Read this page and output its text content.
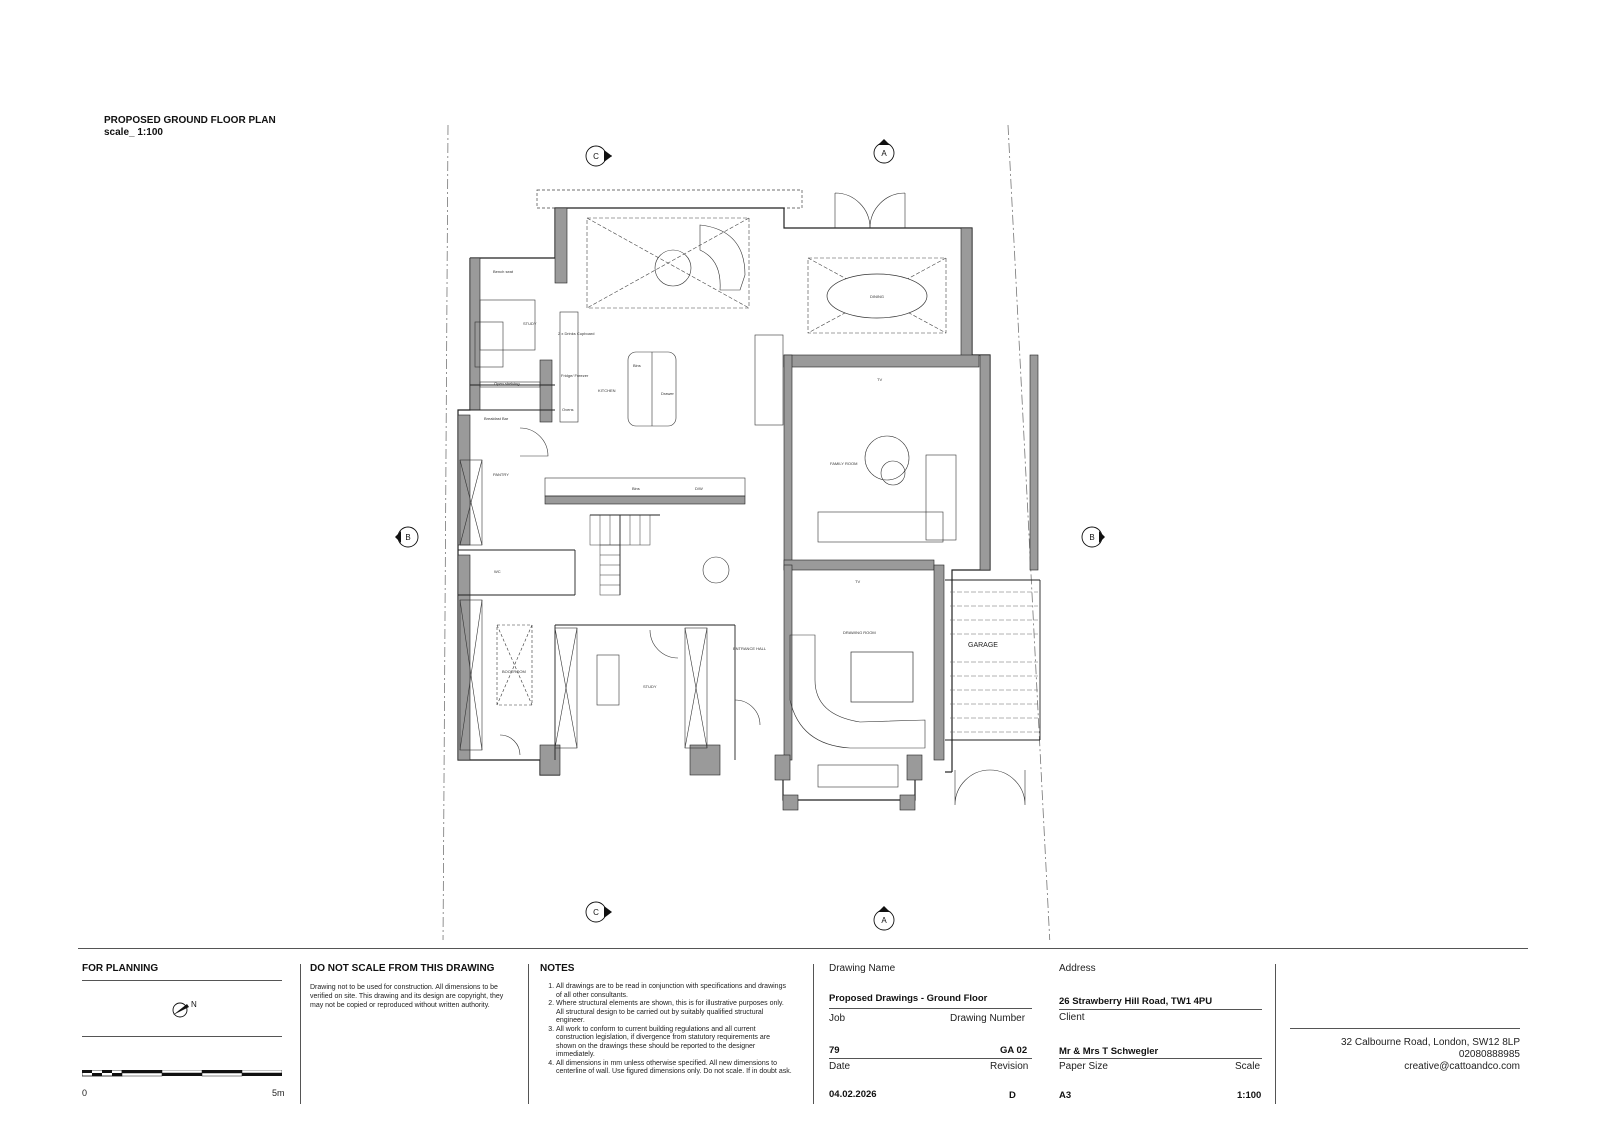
PROPOSED GROUND FLOOR PLAN
scale_ 1:100
C	A
B	B
C
A
STUDY
KITCHEN
PANTRY
FAMILY ROOM
DRAWING ROOM
ENTRANCE HALL
STUDY
BOOTROOM
WC
GARAGE
DINING
Breakfast Bar
Bench seat
Open shelving
Fridge/ Freezer
Ovens
Bins
Drawer
TV
TV
2 x Drinks Cupboard
D/W
Bins
FOR PLANNING
N
0	5m
DO NOT SCALE FROM THIS DRAWING
Drawing not to be used for construction. All dimensions to be verified on site. This drawing and its design are copyright, they may not be copied or reproduced without written authority.
NOTES
1. All drawings are to be read in conjunction with specifications and drawings of all other consultants.
2. Where structural elements are shown, this is for illustrative purposes only. All structural design to be carried out by suitably qualified structural engineer.
3. All work to conform to current building regulations and all current construction legislation, if divergence from statutory requirements are shown on the drawings these should be reported to the designer immediately.
4. All dimensions in mm unless otherwise specified. All new dimensions to centerline of wall. Use figured dimensions only. Do not scale. If in doubt ask.
Drawing Name
Proposed Drawings - Ground Floor
Job	Drawing Number
79	GA 02
Date	Revision
04.02.2026	D
Address
26 Strawberry Hill Road, TW1 4PU
Client
Mr & Mrs T Schwegler
Paper Size	Scale
A3	1:100
32 Calbourne Road, London, SW12 8LP
02080888985
creative@cattoandco.com
